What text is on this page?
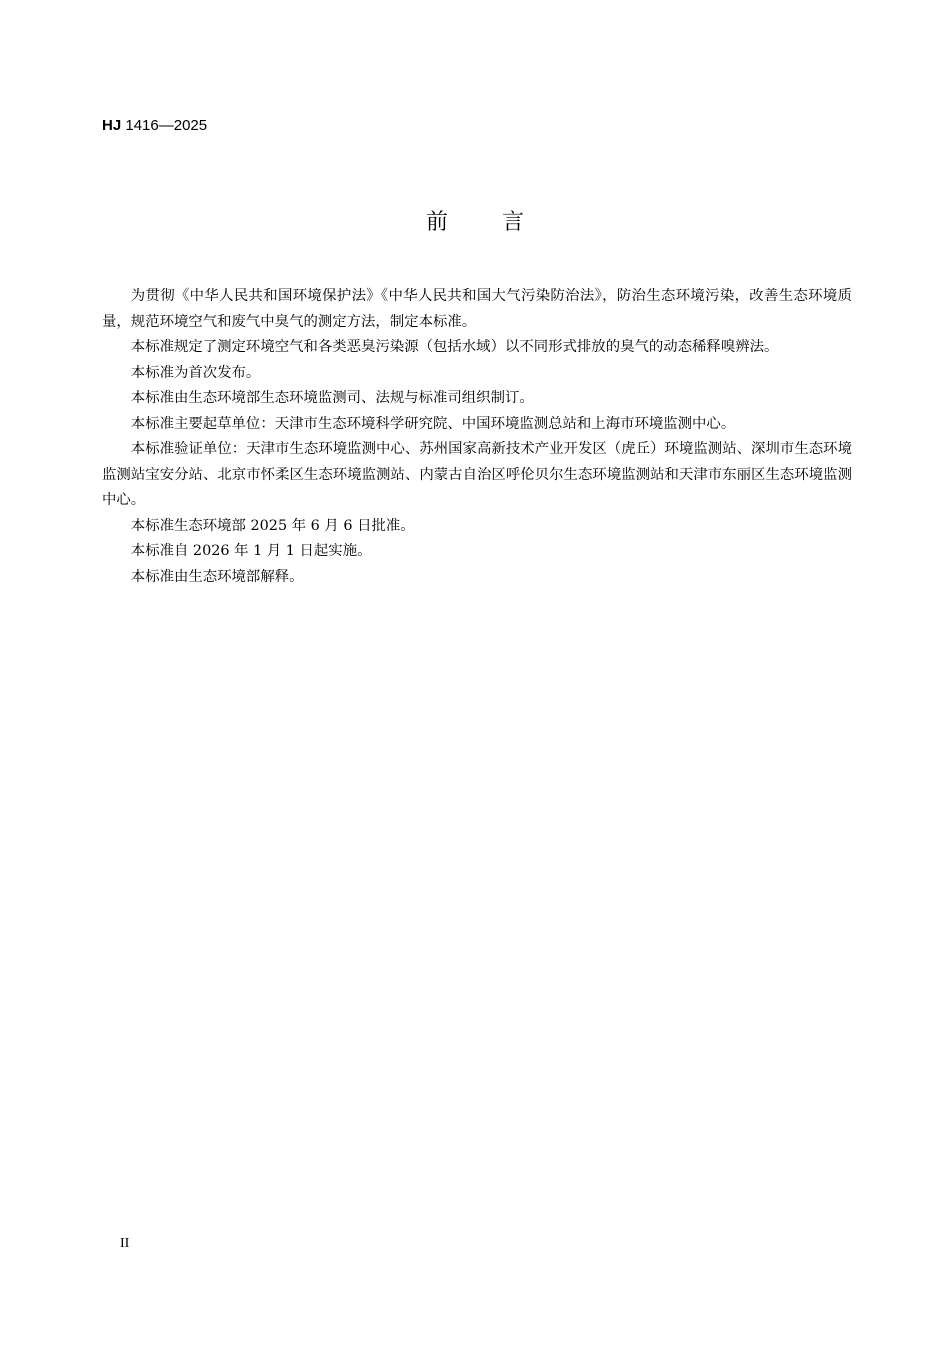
HJ 1416—2025
前 言

为贯彻《中华人民共和国环境保护法》《中华人民共和国大气污染防治法》，防治生态环境污染，改善生态环境质量，规范环境空气和废气中臭气的测定方法，制定本标准。

本标准规定了测定环境空气和各类恶臭污染源（包括水域）以不同形式排放的臭气的动态稀释嗅辨法。

本标准为首次发布。

本标准由生态环境部生态环境监测司、法规与标准司组织制订。

本标准主要起草单位：天津市生态环境科学研究院、中国环境监测总站和上海市环境监测中心。

本标准验证单位：天津市生态环境监测中心、苏州国家高新技术产业开发区（虎丘）环境监测站、深圳市生态环境监测站宝安分站、北京市怀柔区生态环境监测站、内蒙古自治区呼伦贝尔生态环境监测站和天津市东丽区生态环境监测中心。

本标准生态环境部 2025 年 6 月 6 日批准。

本标准自 2026 年 1 月 1 日起实施。

本标准由生态环境部解释。

II
